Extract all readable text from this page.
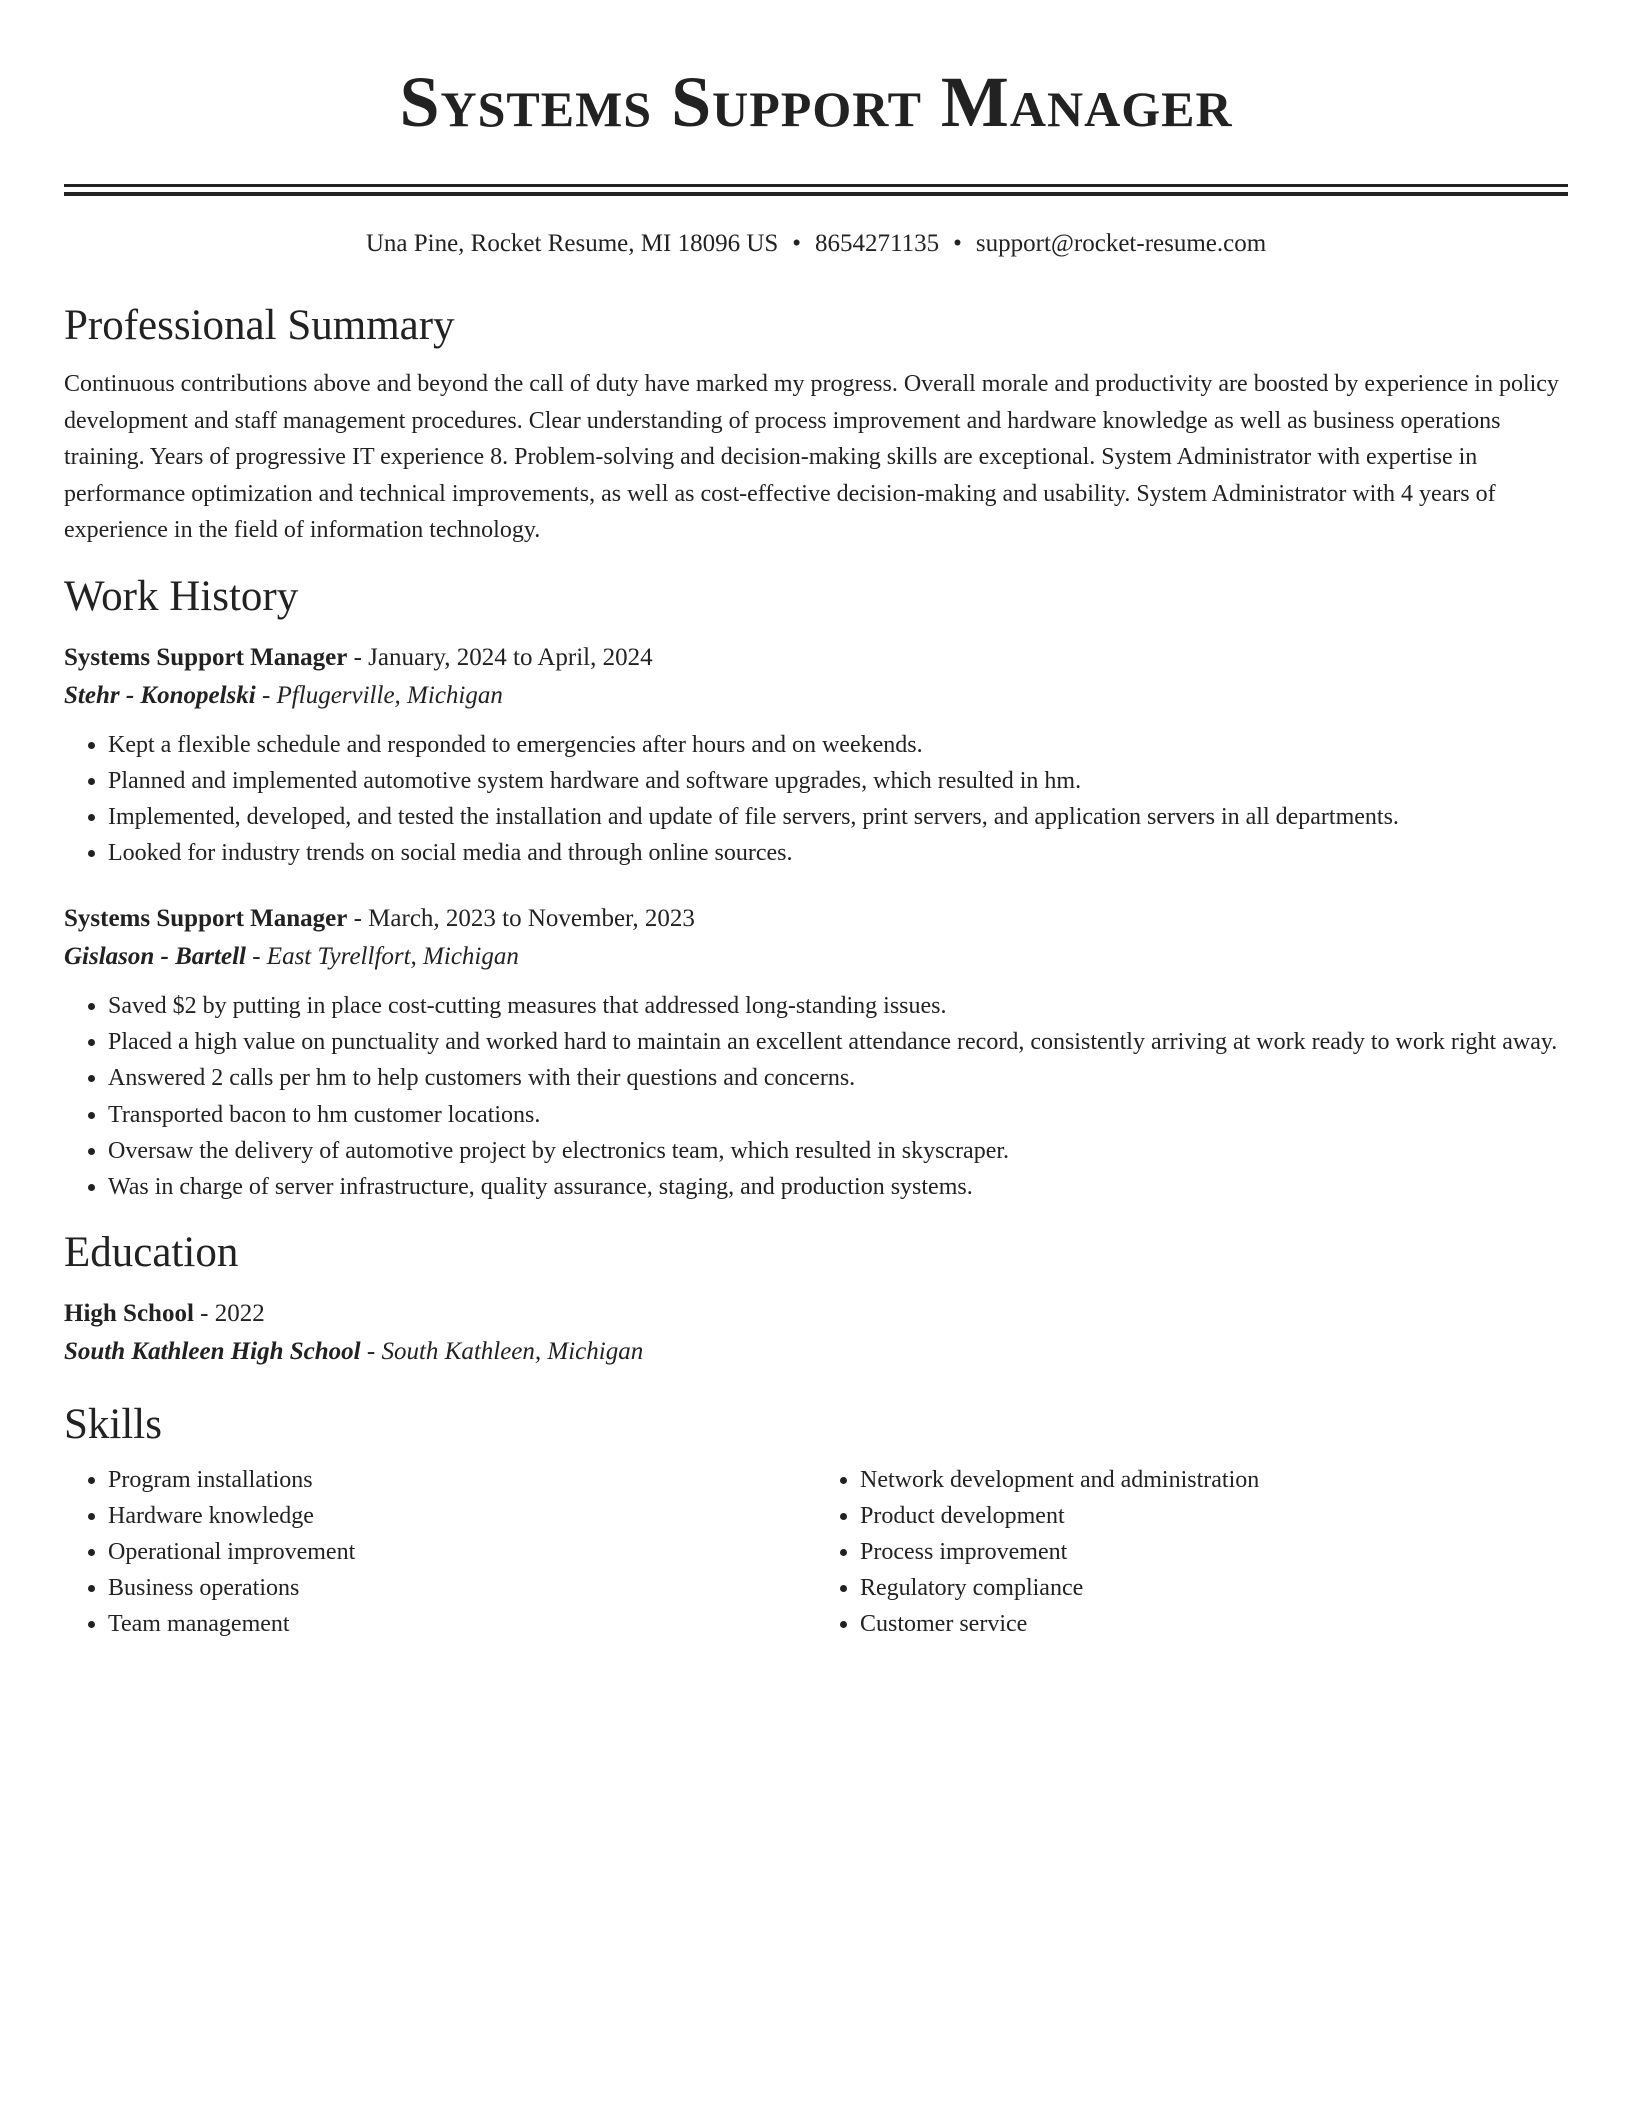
Systems Support Manager
Una Pine, Rocket Resume, MI 18096 US • 8654271135 • support@rocket-resume.com
Professional Summary

Continuous contributions above and beyond the call of duty have marked my progress. Overall morale and productivity are boosted by experience in policy development and staff management procedures. Clear understanding of process improvement and hardware knowledge as well as business operations training. Years of progressive IT experience 8. Problem-solving and decision-making skills are exceptional. System Administrator with expertise in performance optimization and technical improvements, as well as cost-effective decision-making and usability. System Administrator with 4 years of experience in the field of information technology.

Work History
Systems Support Manager - January, 2024 to April, 2024
Stehr - Konopelski - Pflugerville, Michigan
• Kept a flexible schedule and responded to emergencies after hours and on weekends.
• Planned and implemented automotive system hardware and software upgrades, which resulted in hm.
• Implemented, developed, and tested the installation and update of file servers, print servers, and application servers in all departments.
• Looked for industry trends on social media and through online sources.
Systems Support Manager - March, 2023 to November, 2023
Gislason - Bartell - East Tyrellfort, Michigan
• Saved $2 by putting in place cost-cutting measures that addressed long-standing issues.
• Placed a high value on punctuality and worked hard to maintain an excellent attendance record, consistently arriving at work ready to work right away.
• Answered 2 calls per hm to help customers with their questions and concerns.
• Transported bacon to hm customer locations.
• Oversaw the delivery of automotive project by electronics team, which resulted in skyscraper.
• Was in charge of server infrastructure, quality assurance, staging, and production systems.
Education
High School - 2022
South Kathleen High School - South Kathleen, Michigan
Skills
• Program installations
• Hardware knowledge
• Operational improvement
• Business operations
• Team management
• Network development and administration
• Product development
• Process improvement
• Regulatory compliance
• Customer service
